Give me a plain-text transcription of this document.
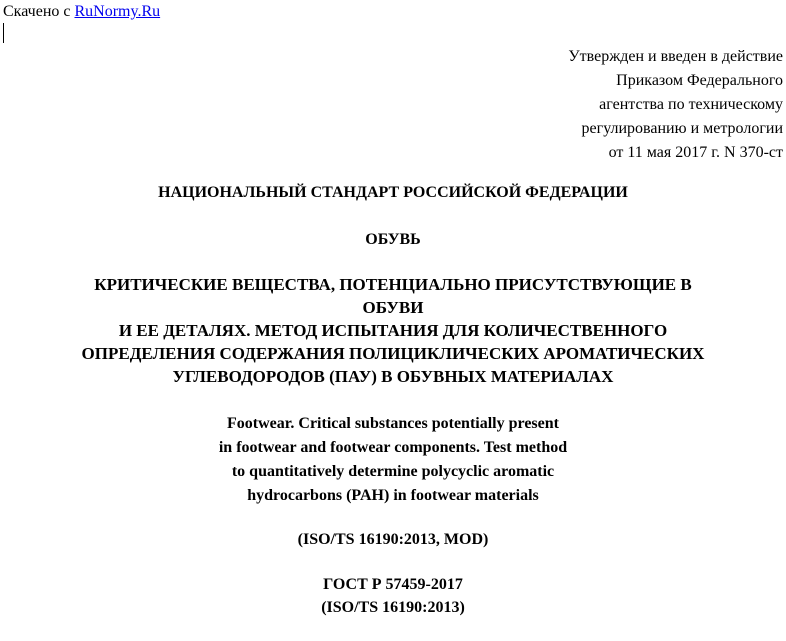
Скачено с RuNormy.Ru
Утвержден и введен в действие
Приказом Федерального
агентства по техническому
регулированию и метрологии
от 11 мая 2017 г. N 370-ст
НАЦИОНАЛЬНЫЙ СТАНДАРТ РОССИЙСКОЙ ФЕДЕРАЦИИ
ОБУВЬ
КРИТИЧЕСКИЕ ВЕЩЕСТВА, ПОТЕНЦИАЛЬНО ПРИСУТСТВУЮЩИЕ В
ОБУВИ
И ЕЕ ДЕТАЛЯХ. МЕТОД ИСПЫТАНИЯ ДЛЯ КОЛИЧЕСТВЕННОГО
ОПРЕДЕЛЕНИЯ СОДЕРЖАНИЯ ПОЛИЦИКЛИЧЕСКИХ АРОМАТИЧЕСКИХ
УГЛЕВОДОРОДОВ (ПАУ) В ОБУВНЫХ МАТЕРИАЛАХ
Footwear. Critical substances potentially present
in footwear and footwear components. Test method
to quantitatively determine polycyclic aromatic
hydrocarbons (PAH) in footwear materials
(ISO/TS 16190:2013, MOD)
ГОСТ Р 57459-2017
(ISO/TS 16190:2013)
